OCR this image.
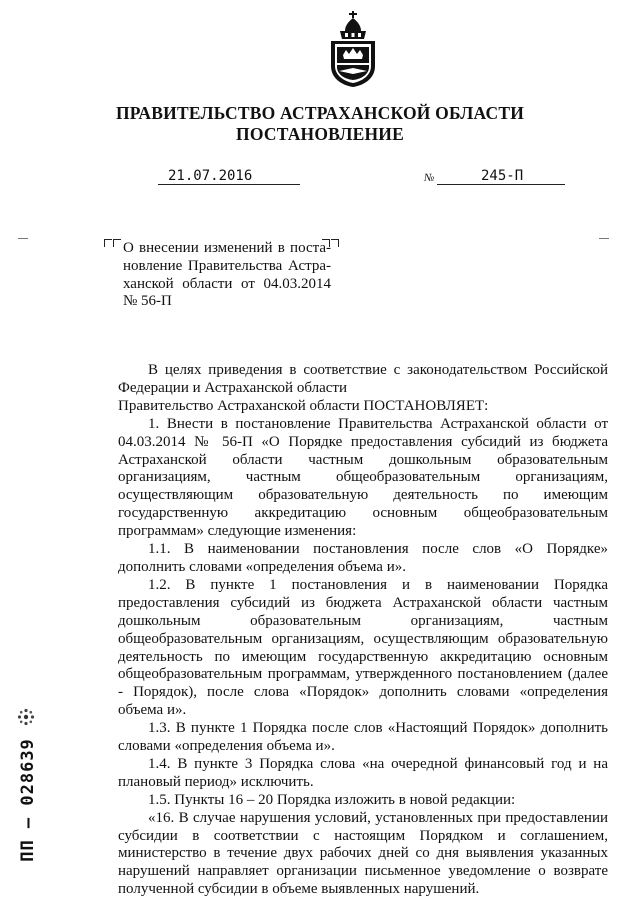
ПРАВИТЕЛЬСТВО АСТРАХАНСКОЙ ОБЛАСТИ
ПОСТАНОВЛЕНИЕ
21.07.2016	№	245-П
О внесении изменений в поста-
новление Правительства Астра-
ханской области от 04.03.2014
№ 56-П

В целях приведения в соответствие с законодательством Российской Федерации и Астраханской области

Правительство Астраханской области ПОСТАНОВЛЯЕТ:

1. Внести в постановление Правительства Астраханской области от 04.03.2014 № 56-П «О Порядке предоставления субсидий из бюджета Астраханской области частным дошкольным образовательным организациям, частным общеобразовательным организациям, осуществляющим образовательную деятельность по имеющим государственную аккредитацию основным общеобразовательным программам» следующие изменения:

1.1. В наименовании постановления после слов «О Порядке» дополнить словами «определения объема и».

1.2. В пункте 1 постановления и в наименовании Порядка предоставления субсидий из бюджета Астраханской области частным дошкольным образовательным организациям, частным общеобразовательным организациям, осуществляющим образовательную деятельность по имеющим государственную аккредитацию основным общеобразовательным программам, утвержденного постановлением (далее - Порядок), после слова «Порядок» дополнить словами «определения объема и».

1.3. В пункте 1 Порядка после слов «Настоящий Порядок» дополнить словами «определения объема и».

1.4. В пункте 3 Порядка слова «на очередной финансовый год и на плановый период» исключить.

1.5. Пункты 16 – 20 Порядка изложить в новой редакции:

«16. В случае нарушения условий, установленных при предоставлении субсидии в соответствии с настоящим Порядком и соглашением, министерство в течение двух рабочих дней со дня выявления указанных нарушений направляет организации письменное уведомление о возврате полученной субсидии в объеме выявленных нарушений.

ПП – 028639
